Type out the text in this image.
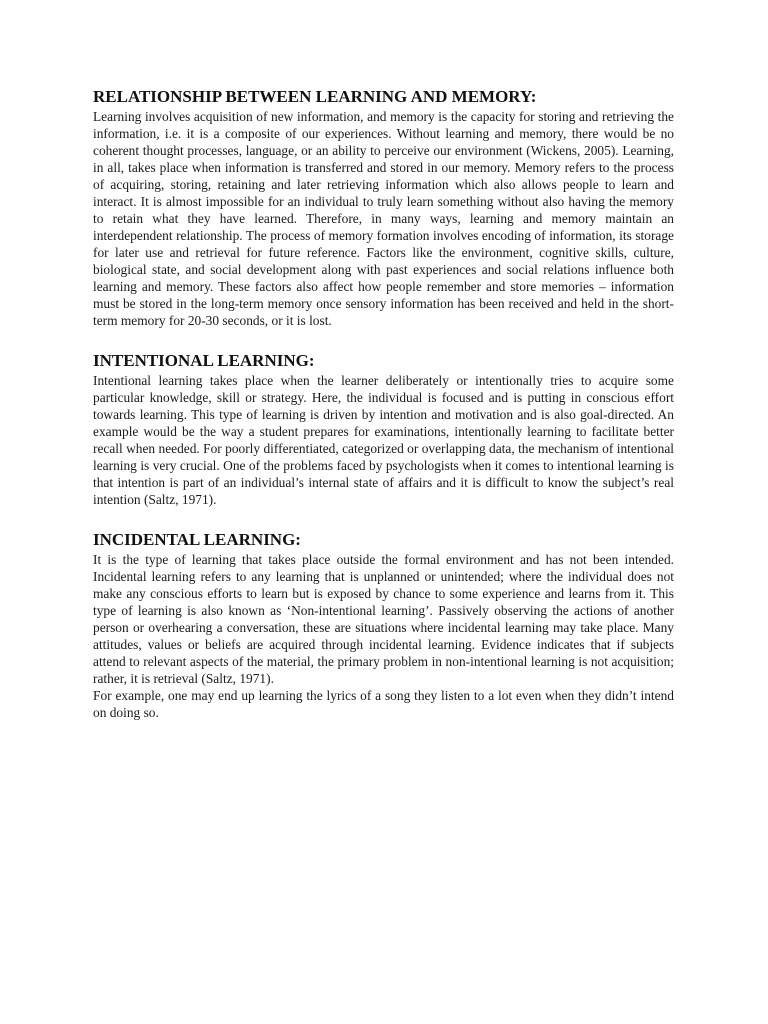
RELATIONSHIP BETWEEN LEARNING AND MEMORY:

Learning involves acquisition of new information, and memory is the capacity for storing and retrieving the information, i.e. it is a composite of our experiences. Without learning and memory, there would be no coherent thought processes, language, or an ability to perceive our environment (Wickens, 2005). Learning, in all, takes place when information is transferred and stored in our memory. Memory refers to the process of acquiring, storing, retaining and later retrieving information which also allows people to learn and interact. It is almost impossible for an individual to truly learn something without also having the memory to retain what they have learned. Therefore, in many ways, learning and memory maintain an interdependent relationship. The process of memory formation involves encoding of information, its storage for later use and retrieval for future reference. Factors like the environment, cognitive skills, culture, biological state, and social development along with past experiences and social relations influence both learning and memory. These factors also affect how people remember and store memories – information must be stored in the long-term memory once sensory information has been received and held in the short-term memory for 20-30 seconds, or it is lost.

INTENTIONAL LEARNING:

Intentional learning takes place when the learner deliberately or intentionally tries to acquire some particular knowledge, skill or strategy. Here, the individual is focused and is putting in conscious effort towards learning. This type of learning is driven by intention and motivation and is also goal-directed. An example would be the way a student prepares for examinations, intentionally learning to facilitate better recall when needed. For poorly differentiated, categorized or overlapping data, the mechanism of intentional learning is very crucial. One of the problems faced by psychologists when it comes to intentional learning is that intention is part of an individual’s internal state of affairs and it is difficult to know the subject’s real intention (Saltz, 1971).

INCIDENTAL LEARNING:

It is the type of learning that takes place outside the formal environment and has not been intended. Incidental learning refers to any learning that is unplanned or unintended; where the individual does not make any conscious efforts to learn but is exposed by chance to some experience and learns from it. This type of learning is also known as ‘Non-intentional learning’. Passively observing the actions of another person or overhearing a conversation, these are situations where incidental learning may take place. Many attitudes, values or beliefs are acquired through incidental learning. Evidence indicates that if subjects attend to relevant aspects of the material, the primary problem in non-intentional learning is not acquisition; rather, it is retrieval (Saltz, 1971).

For example, one may end up learning the lyrics of a song they listen to a lot even when they didn’t intend on doing so.
